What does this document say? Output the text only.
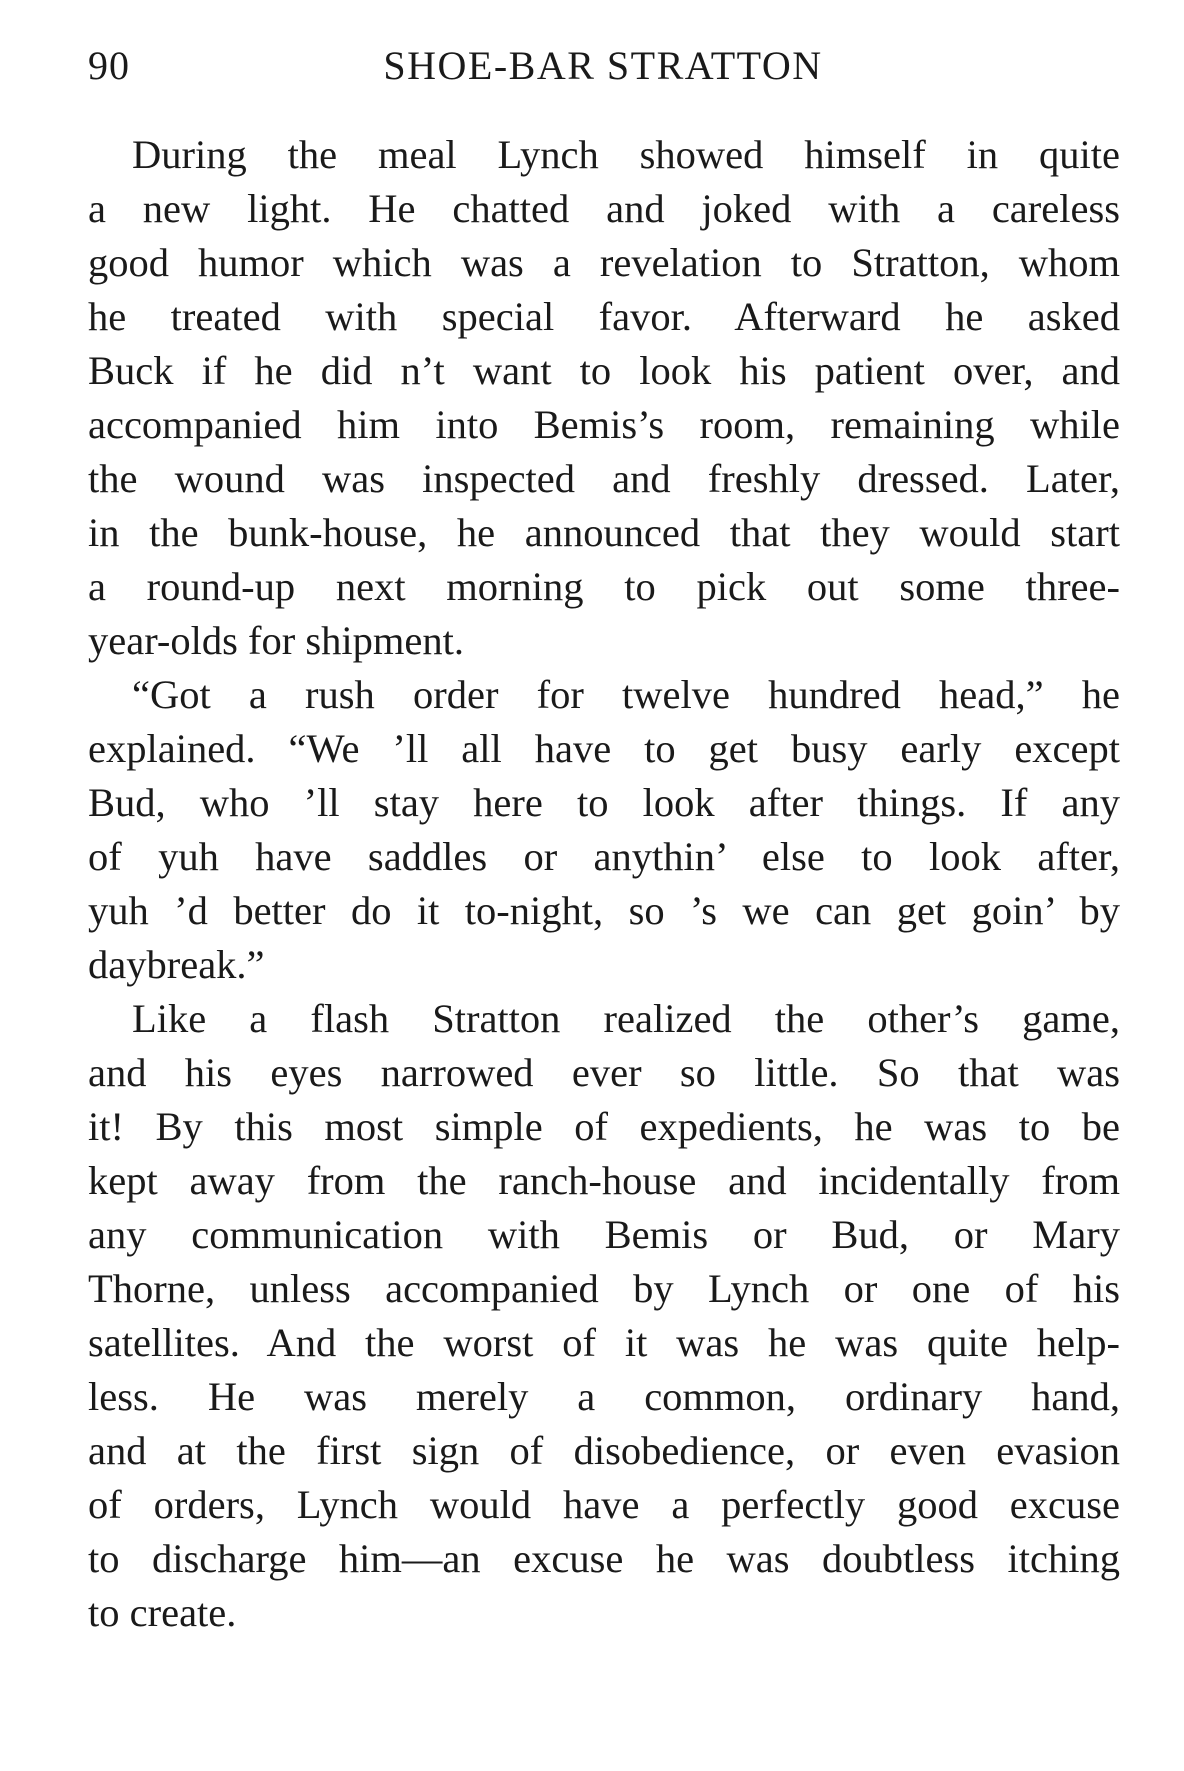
90	SHOE-BAR STRATTON
During the meal Lynch showed himself in quite
a new light. He chatted and joked with a careless
good humor which was a revelation to Stratton, whom
he treated with special favor. Afterward he asked
Buck if he did n’t want to look his patient over, and
accompanied him into Bemis’s room, remaining while
the wound was inspected and freshly dressed. Later,
in the bunk-house, he announced that they would start
a round-up next morning to pick out some three-
year-olds for shipment.
“Got a rush order for twelve hundred head,” he
explained. “We ’ll all have to get busy early except
Bud, who ’ll stay here to look after things. If any
of yuh have saddles or anythin’ else to look after,
yuh ’d better do it to-night, so ’s we can get goin’ by
daybreak.”
Like a flash Stratton realized the other’s game,
and his eyes narrowed ever so little. So that was
it! By this most simple of expedients, he was to be
kept away from the ranch-house and incidentally from
any communication with Bemis or Bud, or Mary
Thorne, unless accompanied by Lynch or one of his
satellites. And the worst of it was he was quite help-
less. He was merely a common, ordinary hand,
and at the first sign of disobedience, or even evasion
of orders, Lynch would have a perfectly good excuse
to discharge him—an excuse he was doubtless itching
to create.
